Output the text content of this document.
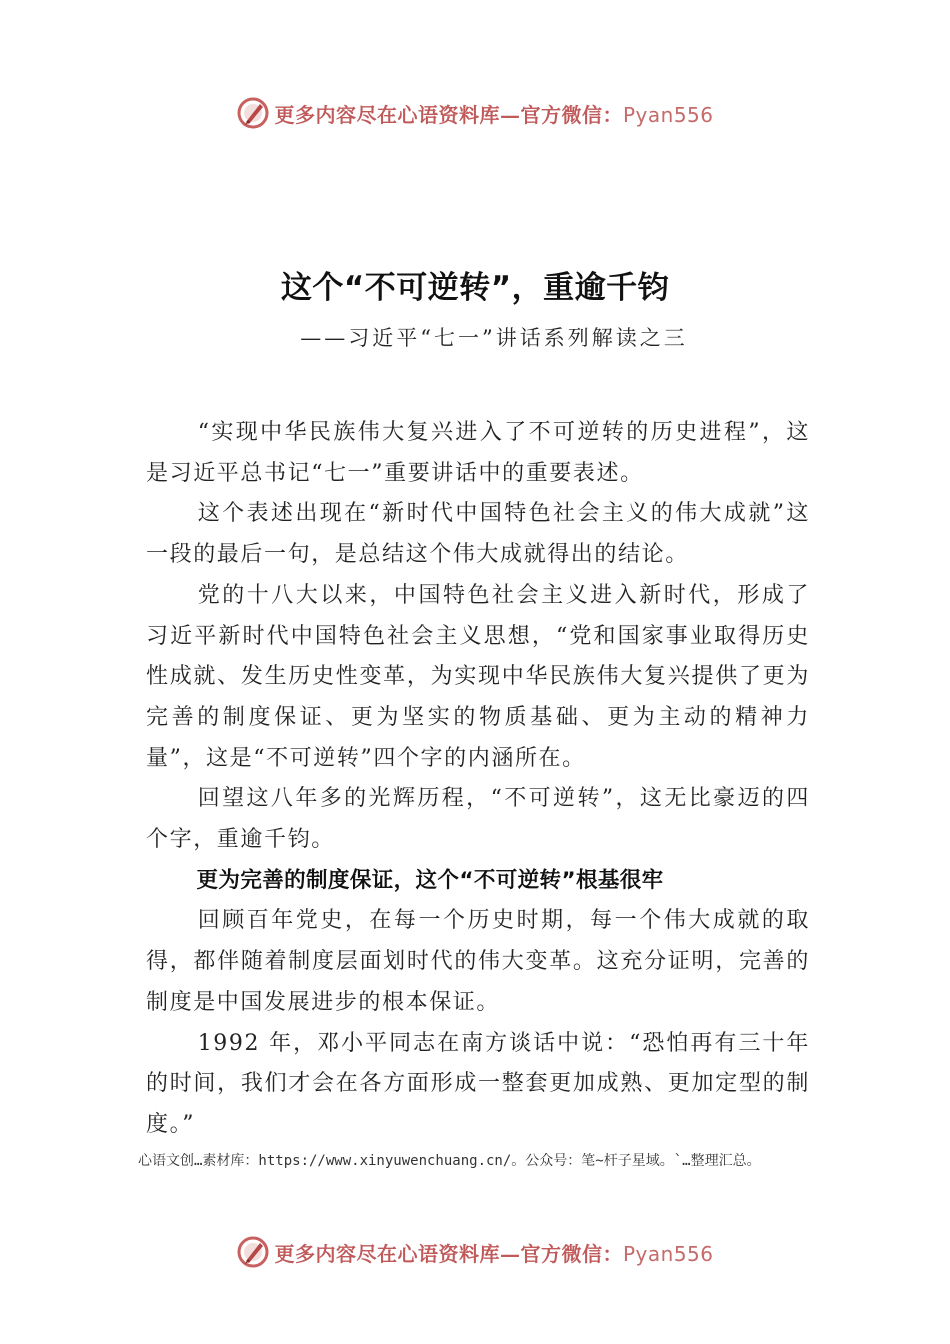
更多内容尽在心语资料库—官方微信：Pyan556
这个“不可逆转”，重逾千钧
——习近平“七一”讲话系列解读之三

“实现中华民族伟大复兴进入了不可逆转的历史进程”，这是习近平总书记“七一”重要讲话中的重要表述。

这个表述出现在“新时代中国特色社会主义的伟大成就”这一段的最后一句，是总结这个伟大成就得出的结论。

党的十八大以来，中国特色社会主义进入新时代，形成了习近平新时代中国特色社会主义思想，“党和国家事业取得历史性成就、发生历史性变革，为实现中华民族伟大复兴提供了更为完善的制度保证、更为坚实的物质基础、更为主动的精神力量”，这是“不可逆转”四个字的内涵所在。

回望这八年多的光辉历程，“不可逆转”，这无比豪迈的四个字，重逾千钧。

更为完善的制度保证，这个“不可逆转”根基很牢

回顾百年党史，在每一个历史时期，每一个伟大成就的取得，都伴随着制度层面划时代的伟大变革。这充分证明，完善的制度是中国发展进步的根本保证。

1992 年，邓小平同志在南方谈话中说：“恐怕再有三十年的时间，我们才会在各方面形成一整套更加成熟、更加定型的制度。”

心语文创…素材库：https://www.xinyuwenchuang.cn/。公众号：笔~杆子星域。`…整理汇总。
更多内容尽在心语资料库—官方微信：Pyan556
